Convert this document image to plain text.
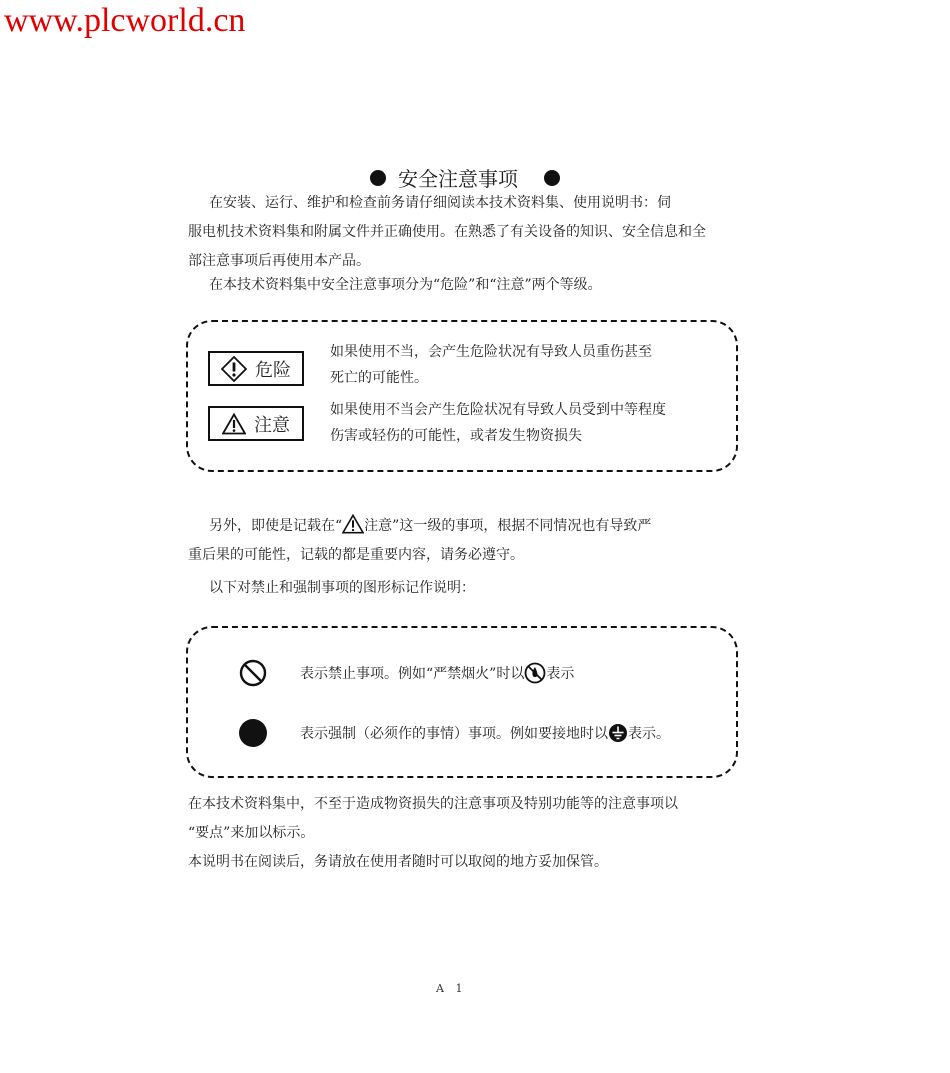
www.plcworld.cn
安全注意事项
在安装、运行、维护和检查前务请仔细阅读本技术资料集、使用说明书：伺
服电机技术资料集和附属文件并正确使用。在熟悉了有关设备的知识、安全信息和全
部注意事项后再使用本产品。
在本技术资料集中安全注意事项分为“危险”和“注意”两个等级。
危险
如果使用不当，会产生危险状况有导致人员重伤甚至
死亡的可能性。
注意
如果使用不当会产生危险状况有导致人员受到中等程度
伤害或轻伤的可能性，或者发生物资损失
另外，即使是记载在“ 注意”这一级的事项，根据不同情况也有导致严
重后果的可能性，记载的都是重要内容，请务必遵守。
以下对禁止和强制事项的图形标记作说明：
表示禁止事项。例如“严禁烟火”时以 表示
表示强制（必须作的事情）事项。例如要接地时以 表示。
在本技术资料集中，不至于造成物资损失的注意事项及特别功能等的注意事项以
“要点”来加以标示。
本说明书在阅读后，务请放在使用者随时可以取阅的地方妥加保管。
A 1
